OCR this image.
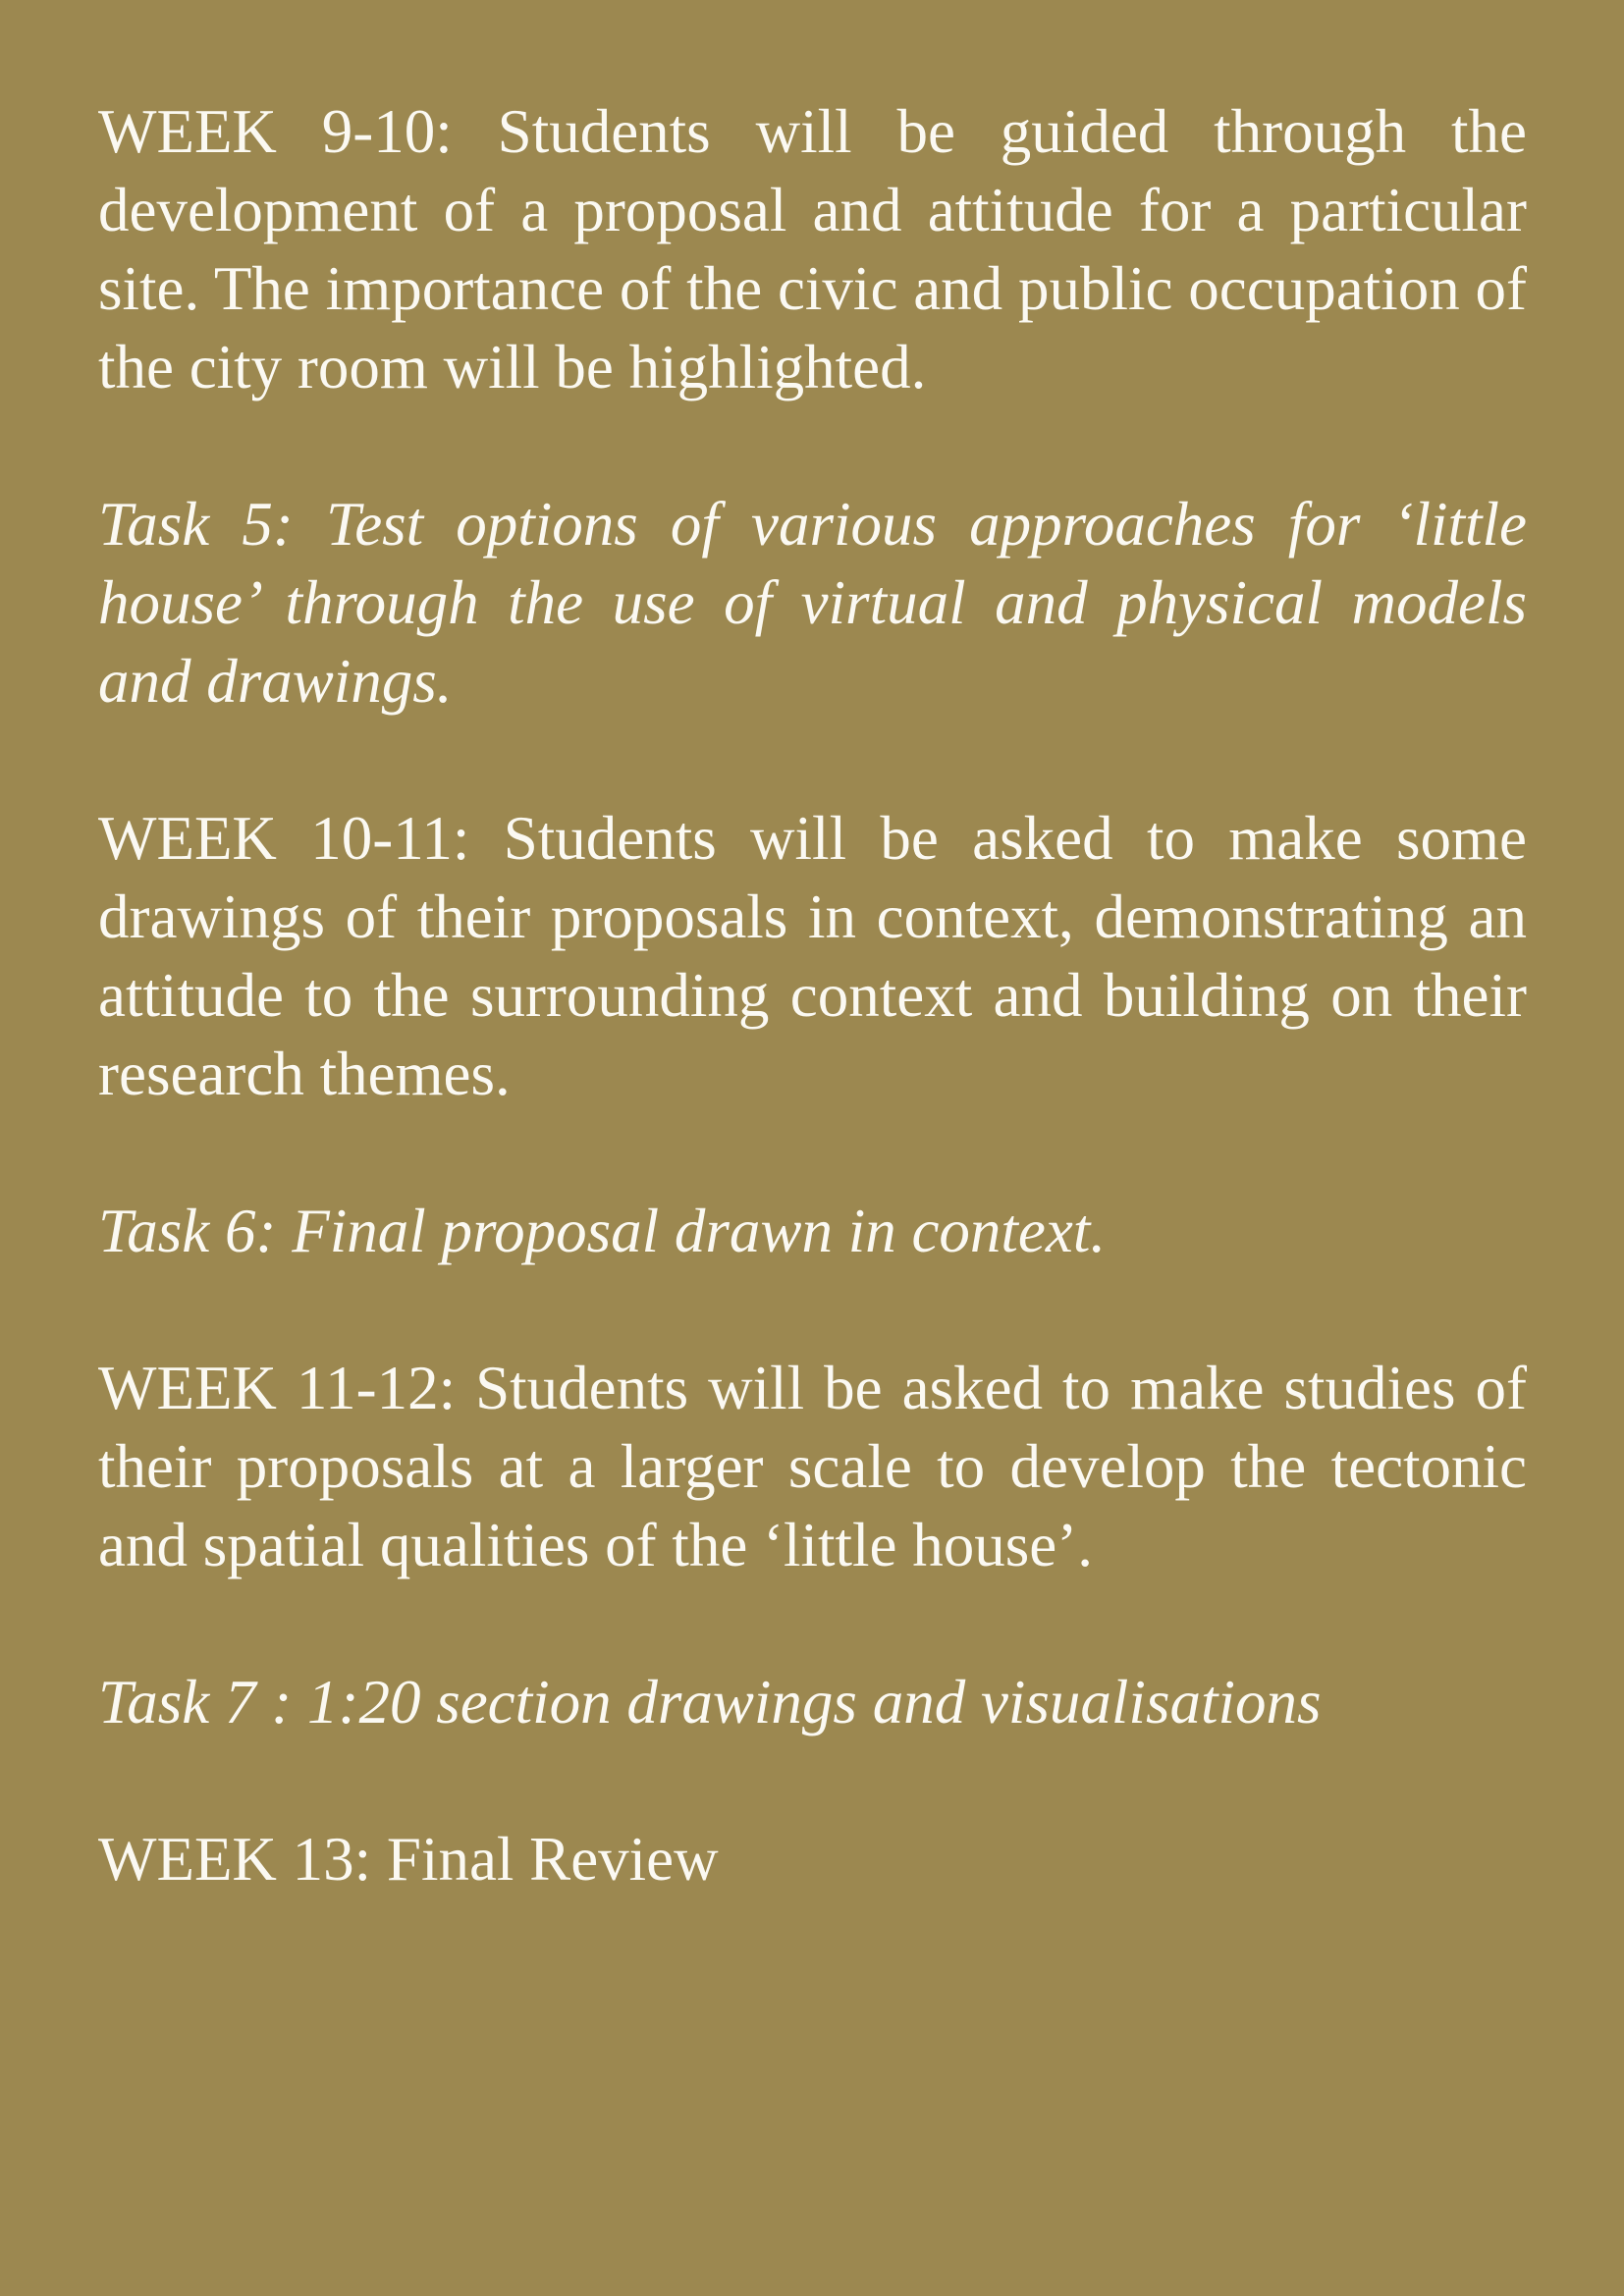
WEEK 9-10: Students will be guided through the development of a proposal and attitude for a particular site. The importance of the civic and public occupation of the city room will be highlighted.

Task 5: Test options of various approaches for ‘little house’ through the use of virtual and physical models and drawings.

WEEK 10-11: Students will be asked to make some drawings of their proposals in context, demonstrating an attitude to the surrounding context and building on their research themes.

Task 6: Final proposal drawn in context.

WEEK 11-12: Students will be asked to make studies of their proposals at a larger scale to develop the tectonic and spatial qualities of the ‘little house’.

Task 7 : 1:20 section drawings and visualisations

WEEK 13: Final Review
